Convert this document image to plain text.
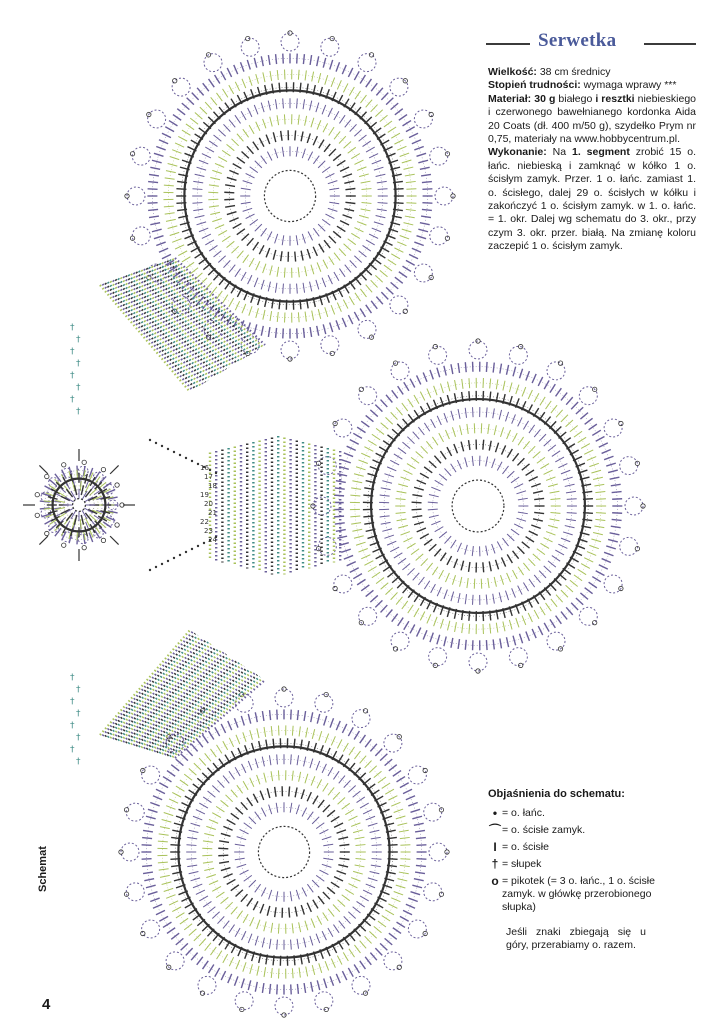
†
†
†
†
†
†
†
†
†
†
†
†
†
†
†
†
16
17
18
19
20
21
22
23
24
Serwetka

Wielkość: 38 cm średnicy

Stopień trudności: wymaga wprawy ***

Materiał: 30 g białego i resztki niebieskiego i czerwonego bawełnianego kordonka Aida 20 Coats (dł. 400 m/50 g), szydełko Prym nr 0,75, materiały na www.hobbycentrum.pl.

Wykonanie: Na 1. segment zrobić 15 o. łańc. niebieską i zamknąć w kółko 1 o. ścisłym zamyk. Przer. 1 o. łańc. zamiast 1. o. ścisłego, dalej 29 o. ścisłych w kółku i zakończyć 1 o. ścisłym zamyk. w 1. o. łańc. = 1. okr. Dalej wg schematu do 3. okr., przy czym 3. okr. przer. białą. Na zmianę koloru zaczepić 1 o. ścisłym zamyk.

Objaśnienia do schematu:
• = o. łańc.
⌒ = o. ścisłe zamyk.
I = o. ścisłe
† = słupek
o = pikotek (= 3 o. łańc., 1 o. ścisłe zamyk. w główkę przerobionego słupka)
Jeśli znaki zbiegają się u góry, przerabiamy o. razem.
Schemat
4
